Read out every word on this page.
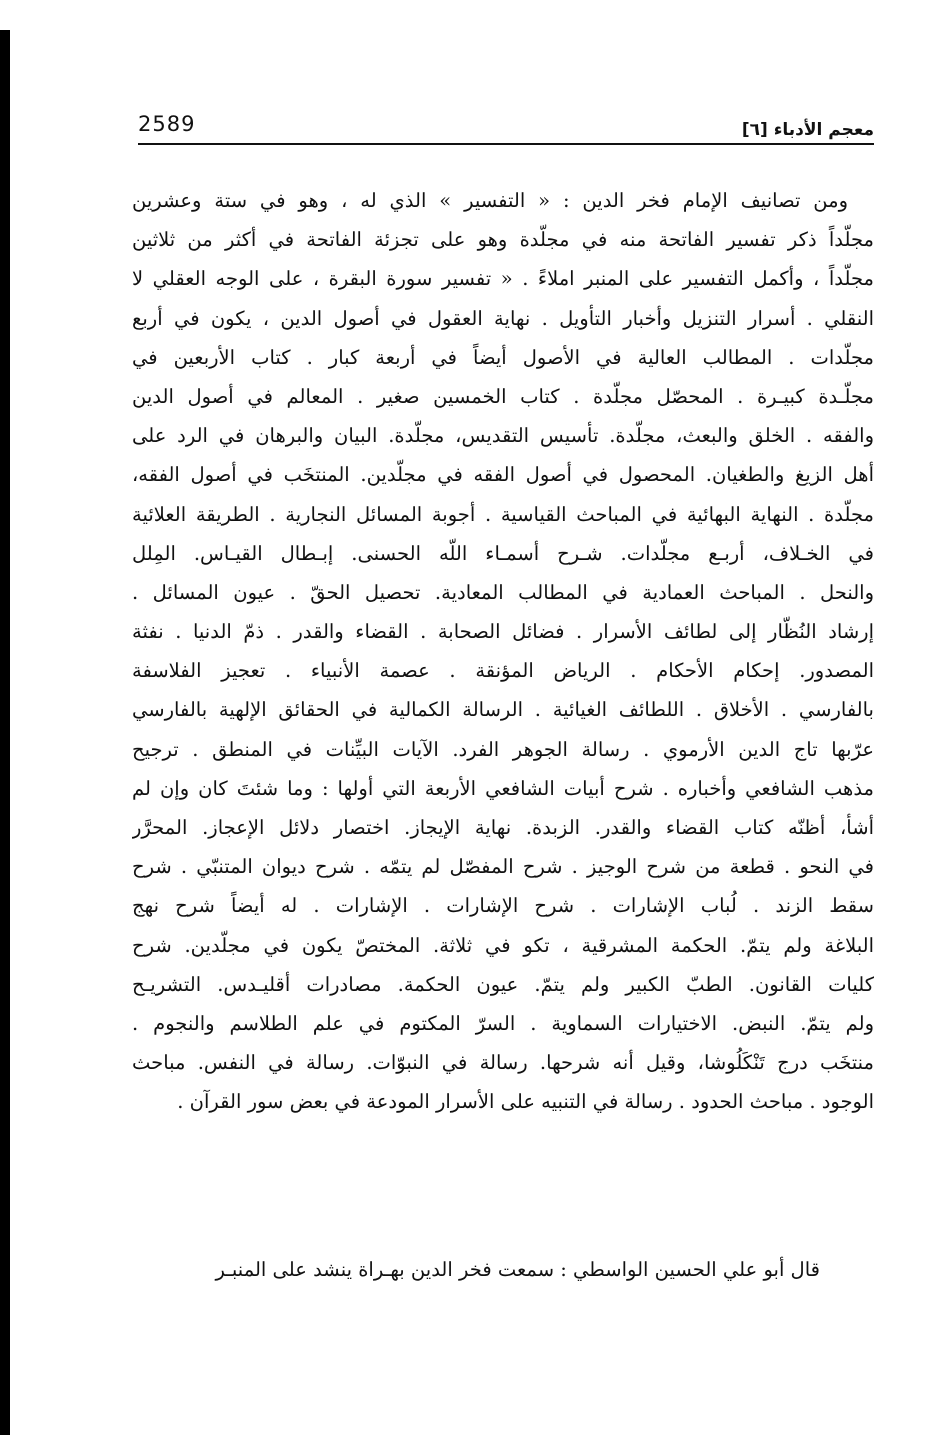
2589	معجم الأدباء [٦]
ومن تصانيف الإمام فخر الدين : « التفسير » الذي له ، وهو في ستة وعشرين
مجلّداً ذكر تفسير الفاتحة منه في مجلّدة وهو على تجزئة الفاتحة في أكثر من ثلاثين
مجلّداً ، وأكمل التفسير على المنبر املاءً . « تفسير سورة البقرة ، على الوجه العقلي لا
النقلي . أسرار التنزيل وأخبار التأويل . نهاية العقول في أصول الدين ، يكون في أربع
مجلّدات . المطالب العالية في الأصول أيضاً في أربعة كبار . كتاب الأربعين في
مجلّـدة كبيـرة . المحصّل مجلّدة . كتاب الخمسين صغير . المعالم في أصول الدين
والفقه . الخلق والبعث، مجلّدة. تأسيس التقديس، مجلّدة. البيان والبرهان في الرد على
أهل الزيغ والطغيان. المحصول في أصول الفقه في مجلّدين. المنتخَب في أصول الفقه،
مجلّدة . النهاية البهائية في المباحث القياسية . أجوبة المسائل النجارية . الطريقة العلائية
في الخـلاف، أربـع مجلّدات. شـرح أسمـاء اللّه الحسنى. إبـطال القيـاس. المِلل
والنحل . المباحث العمادية في المطالب المعادية. تحصيل الحقّ . عيون المسائل .
إرشاد النُظّار إلى لطائف الأسرار . فضائل الصحابة . القضاء والقدر . ذمّ الدنيا . نفثة
المصدور. إحكام الأحكام . الرياض المؤنقة . عصمة الأنبياء . تعجيز الفلاسفة
بالفارسي . الأخلاق . اللطائف الغيائية . الرسالة الكمالية في الحقائق الإلهية بالفارسي
عرّبها تاج الدين الأرموي . رسالة الجوهر الفرد. الآيات البيِّنات في المنطق . ترجيح
مذهب الشافعي وأخباره . شرح أبيات الشافعي الأربعة التي أولها : وما شئتَ كان وإن لم
أشأ، أظنّه كتاب القضاء والقدر. الزبدة. نهاية الإيجاز. اختصار دلائل الإعجاز. المحرَّر
في النحو . قطعة من شرح الوجيز . شرح المفصّل لم يتمّه . شرح ديوان المتنبّي . شرح
سقط الزند . لُباب الإشارات . شرح الإشارات . الإشارات . له أيضاً شرح نهج
البلاغة ولم يتمّ. الحكمة المشرقية ، تكو في ثلاثة. المختصّ يكون في مجلّدين. شرح
كليات القانون. الطبّ الكبير ولم يتمّ. عيون الحكمة. مصادرات أقليـدس. التشريـح
ولم يتمّ. النبض. الاختيارات السماوية . السرّ المكتوم في علم الطلاسم والنجوم .
منتخَب درج تَنْكَلُوشا، وقيل أنه شرحها. رسالة في النبوّات. رسالة في النفس. مباحث
الوجود . مباحث الحدود . رسالة في التنبيه على الأسرار المودعة في بعض سور القرآن .
قال أبو علي الحسين الواسطي : سمعت فخر الدين بهـراة ينشد على المنبـر
